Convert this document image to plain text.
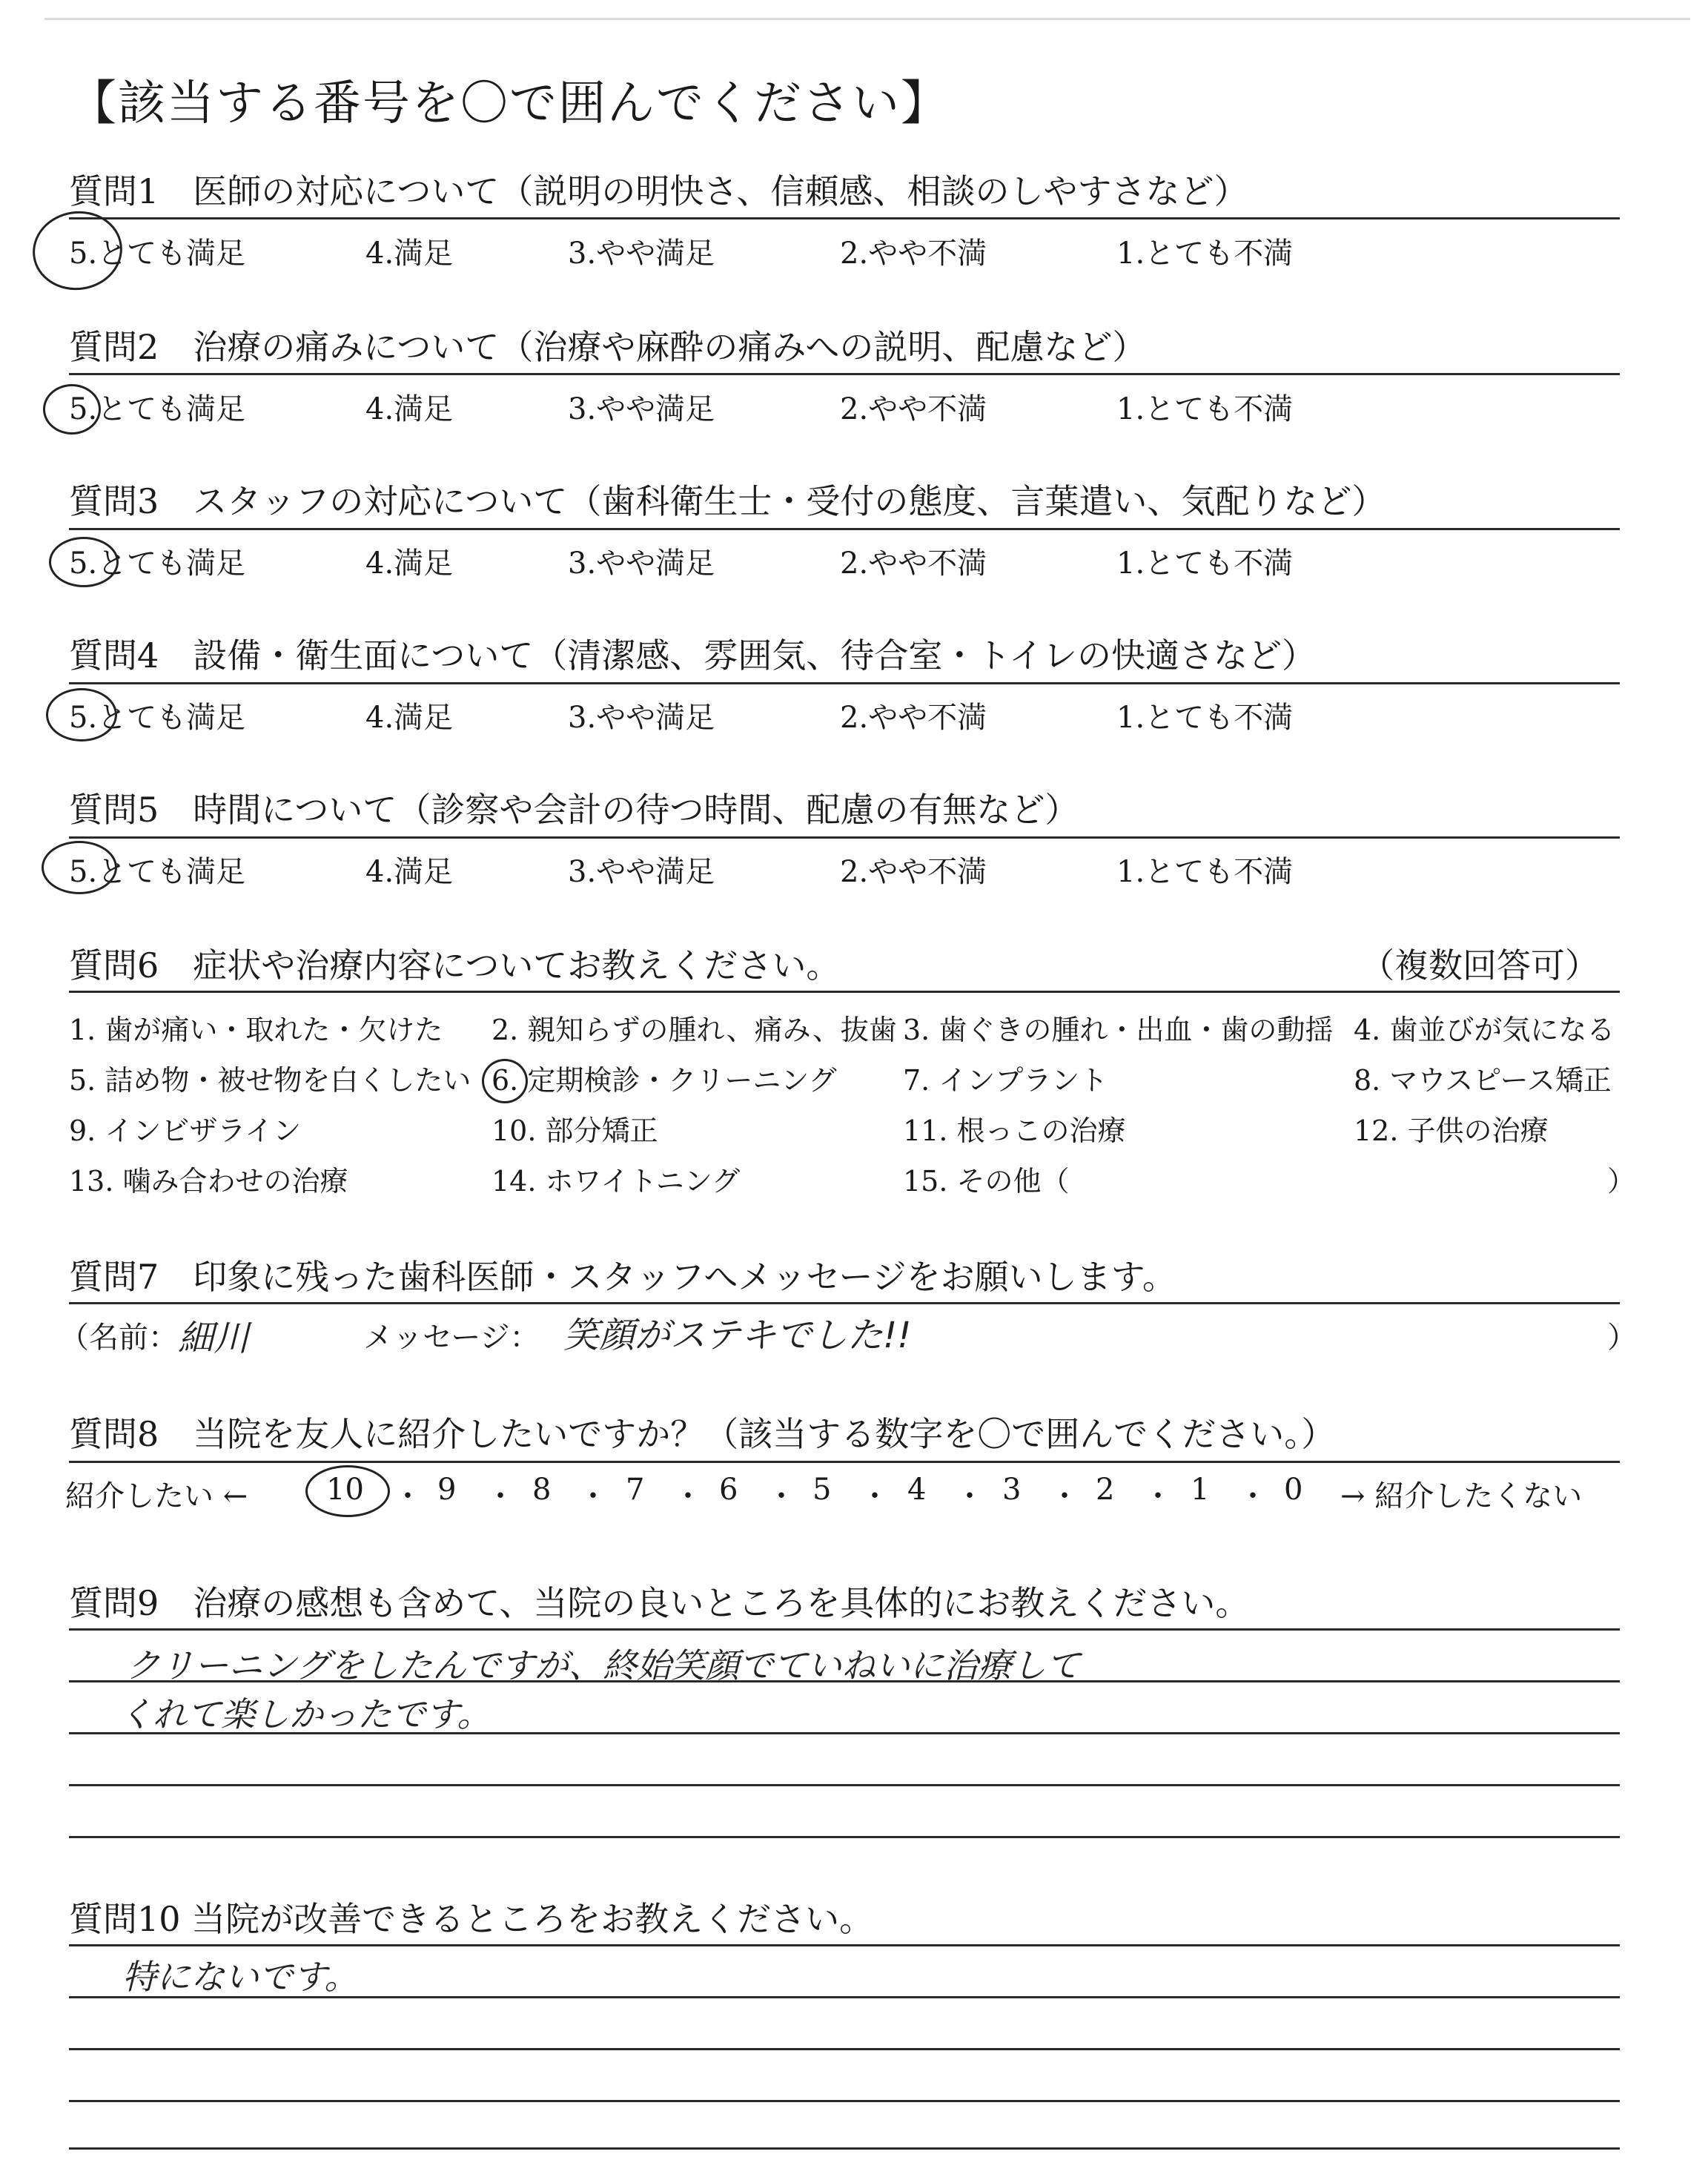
【該当する番号を〇で囲んでください】
質問1　医師の対応について（説明の明快さ、信頼感、相談のしやすさなど）
5.とても満足	4.満足	3.やや満足	2.やや不満	1.とても不満
質問2　治療の痛みについて（治療や麻酔の痛みへの説明、配慮など）
5.とても満足	4.満足	3.やや満足	2.やや不満	1.とても不満
質問3　スタッフの対応について（歯科衛生士・受付の態度、言葉遣い、気配りなど）
5.とても満足	4.満足	3.やや満足	2.やや不満	1.とても不満
質問4　設備・衛生面について（清潔感、雰囲気、待合室・トイレの快適さなど）
5.とても満足	4.満足	3.やや満足	2.やや不満	1.とても不満
質問5　時間について（診察や会計の待つ時間、配慮の有無など）
5.とても満足	4.満足	3.やや満足	2.やや不満	1.とても不満
質問6　症状や治療内容についてお教えください。	（複数回答可）
1. 歯が痛い・取れた・欠けた 2. 親知らずの腫れ、痛み、抜歯 3. 歯ぐきの腫れ・出血・歯の動揺 4. 歯並びが気になる
5. 詰め物・被せ物を白くしたい 6. 定期検診・クリーニング 7. インプラント	8. マウスピース矯正
9. インビザライン	10. 部分矯正	11. 根っこの治療	12. 子供の治療
13. 噛み合わせの治療	14. ホワイトニング	15. その他（	）
質問7　印象に残った歯科医師・スタッフへメッセージをお願いします。
（名前： 細川	メッセージ： 笑顔がステキでした!!	）
質問8　当院を友人に紹介したいですか？（該当する数字を〇で囲んでください。）
紹介したい ←	10 ・ 9 ・ 8 ・ 7 ・ 6 ・ 5 ・ 4 ・ 3 ・ 2 ・ 1 ・ 0 → 紹介したくない
質問9　治療の感想も含めて、当院の良いところを具体的にお教えください。
クリーニングをしたんですが、終始笑顔でていねいに治療して
くれて楽しかったです。
質問10 当院が改善できるところをお教えください。
特にないです。
